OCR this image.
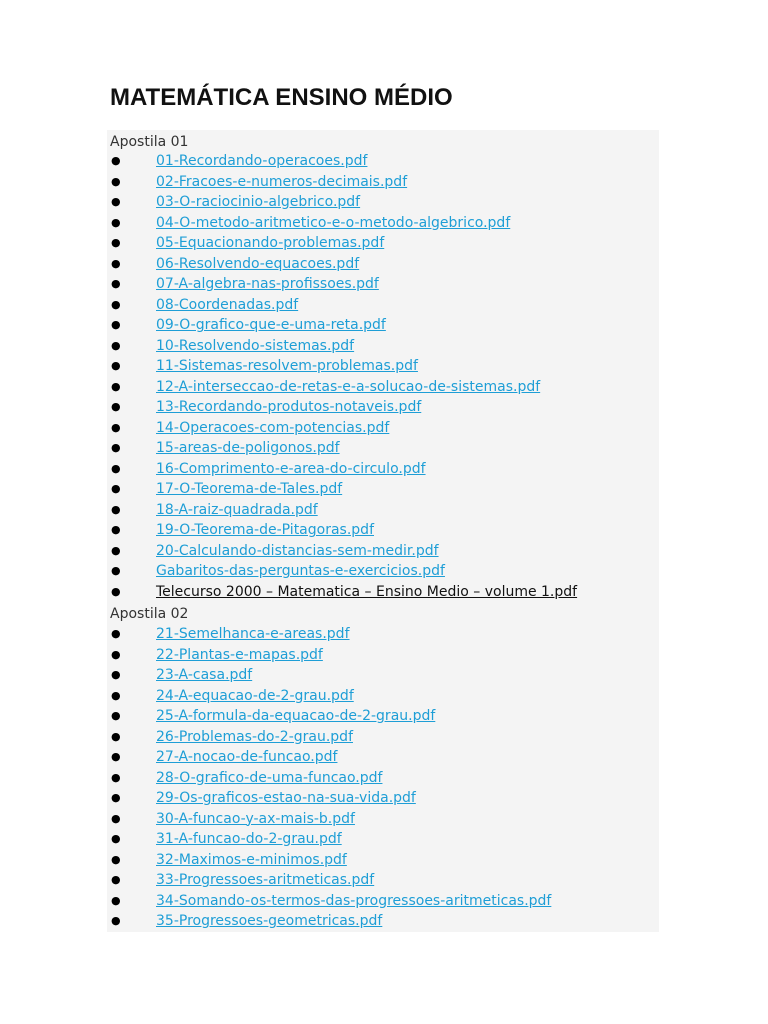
MATEMÁTICA ENSINO MÉDIO
Apostila 01
●	01-Recordando-operacoes.pdf
●	02-Fracoes-e-numeros-decimais.pdf
●	03-O-raciocinio-algebrico.pdf
●	04-O-metodo-aritmetico-e-o-metodo-algebrico.pdf
●	05-Equacionando-problemas.pdf
●	06-Resolvendo-equacoes.pdf
●	07-A-algebra-nas-profissoes.pdf
●	08-Coordenadas.pdf
●	09-O-grafico-que-e-uma-reta.pdf
●	10-Resolvendo-sistemas.pdf
●	11-Sistemas-resolvem-problemas.pdf
●	12-A-interseccao-de-retas-e-a-solucao-de-sistemas.pdf
●	13-Recordando-produtos-notaveis.pdf
●	14-Operacoes-com-potencias.pdf
●	15-areas-de-poligonos.pdf
●	16-Comprimento-e-area-do-circulo.pdf
●	17-O-Teorema-de-Tales.pdf
●	18-A-raiz-quadrada.pdf
●	19-O-Teorema-de-Pitagoras.pdf
●	20-Calculando-distancias-sem-medir.pdf
●	Gabaritos-das-perguntas-e-exercicios.pdf
●	Telecurso 2000 – Matematica – Ensino Medio – volume 1.pdf
Apostila 02
●	21-Semelhanca-e-areas.pdf
●	22-Plantas-e-mapas.pdf
●	23-A-casa.pdf
●	24-A-equacao-de-2-grau.pdf
●	25-A-formula-da-equacao-de-2-grau.pdf
●	26-Problemas-do-2-grau.pdf
●	27-A-nocao-de-funcao.pdf
●	28-O-grafico-de-uma-funcao.pdf
●	29-Os-graficos-estao-na-sua-vida.pdf
●	30-A-funcao-y-ax-mais-b.pdf
●	31-A-funcao-do-2-grau.pdf
●	32-Maximos-e-minimos.pdf
●	33-Progressoes-aritmeticas.pdf
●	34-Somando-os-termos-das-progressoes-aritmeticas.pdf
●	35-Progressoes-geometricas.pdf
